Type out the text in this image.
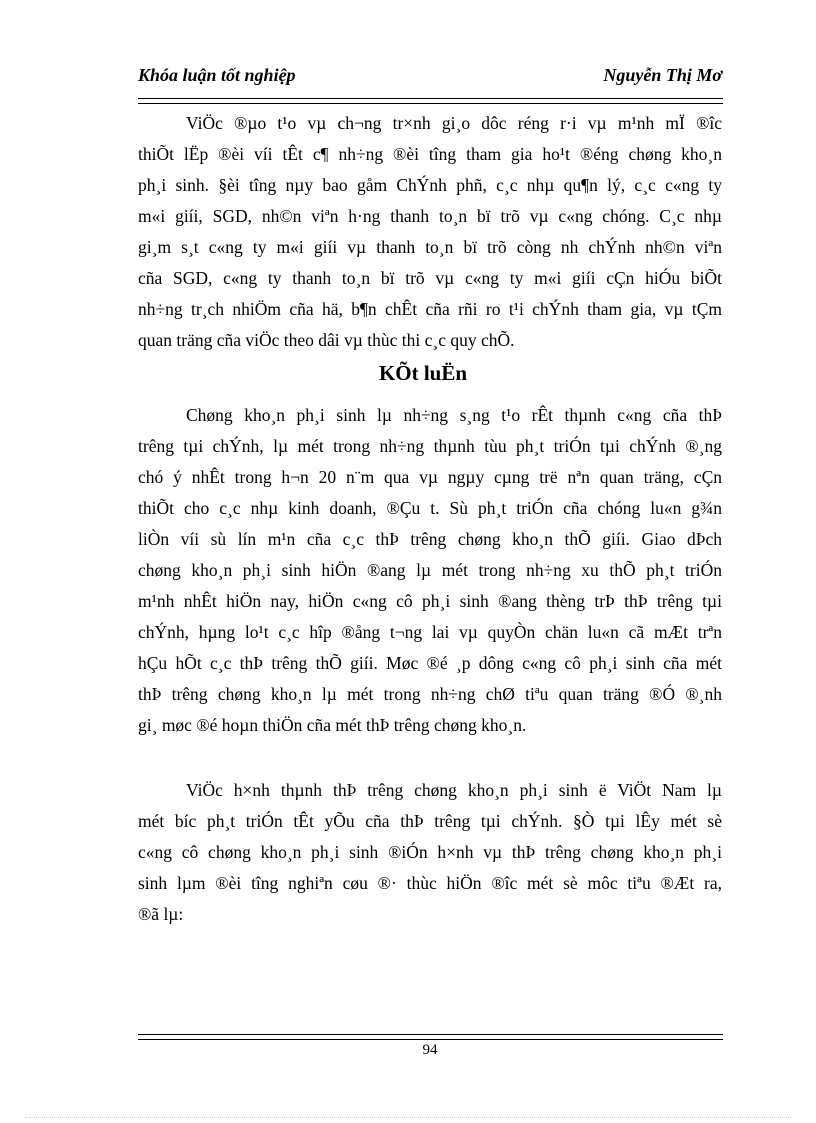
Khóa luận tốt nghiệp	Nguyễn Thị Mơ
ViÖc ®µo t¹o vµ ch¬ng tr×nh gi¸o dôc réng r·i vµ m¹nh mÏ ®îc
thiÕt lËp ®èi víi tÊt c¶ nh÷ng ®èi tîng tham gia ho¹t ®éng chøng kho¸n
ph¸i sinh. §èi tîng nµy bao gåm ChÝnh phñ, c¸c nhµ qu¶n lý, c¸c c«ng ty
m«i giíi, SGD, nh©n viªn h·ng thanh to¸n bï trõ vµ c«ng chóng. C¸c nhµ
gi¸m s¸t c«ng ty m«i giíi vµ thanh to¸n bï trõ còng nh chÝnh nh©n viªn
cña SGD, c«ng ty thanh to¸n bï trõ vµ c«ng ty m«i giíi cÇn hiÓu biÕt
nh÷ng tr¸ch nhiÖm cña hä, b¶n chÊt cña rñi ro t¹i chÝnh tham gia, vµ tÇm
quan träng cña viÖc theo dâi vµ thùc thi c¸c quy chÕ.
KÕt luËn
Chøng kho¸n ph¸i sinh lµ nh÷ng s¸ng t¹o rÊt thµnh c«ng cña thÞ
trêng tµi chÝnh, lµ mét trong nh÷ng thµnh tùu ph¸t triÓn tµi chÝnh ®¸ng
chó ý nhÊt trong h¬n 20 n¨m qua vµ ngµy cµng trë nªn quan träng, cÇn
thiÕt cho c¸c nhµ kinh doanh, ®Çu t. Sù ph¸t triÓn cña chóng lu«n g¾n
liÒn víi sù lín m¹n cña c¸c thÞ trêng chøng kho¸n thÕ giíi. Giao dÞch
chøng kho¸n ph¸i sinh hiÖn ®ang lµ mét trong nh÷ng xu thÕ ph¸t triÓn
m¹nh nhÊt hiÖn nay, hiÖn c«ng cô ph¸i sinh ®ang thèng trÞ thÞ trêng tµi
chÝnh, hµng lo¹t c¸c hîp ®ång t¬ng lai vµ quyÒn chän lu«n cã mÆt trªn
hÇu hÕt c¸c thÞ trêng thÕ giíi. Møc ®é ¸p dông c«ng cô ph¸i sinh cña mét
thÞ trêng chøng kho¸n lµ mét trong nh÷ng chØ tiªu quan träng ®Ó ®¸nh
gi¸ møc ®é hoµn thiÖn cña mét thÞ trêng chøng kho¸n.
ViÖc h×nh thµnh thÞ trêng chøng kho¸n ph¸i sinh ë ViÖt Nam lµ
mét bíc ph¸t triÓn tÊt yÕu cña thÞ trêng tµi chÝnh. §Ò tµi lÊy mét sè
c«ng cô chøng kho¸n ph¸i sinh ®iÓn h×nh vµ thÞ trêng chøng kho¸n ph¸i
sinh lµm ®èi tîng nghiªn cøu ®· thùc hiÖn ®îc mét sè môc tiªu ®Æt ra,
®ã lµ:
94
